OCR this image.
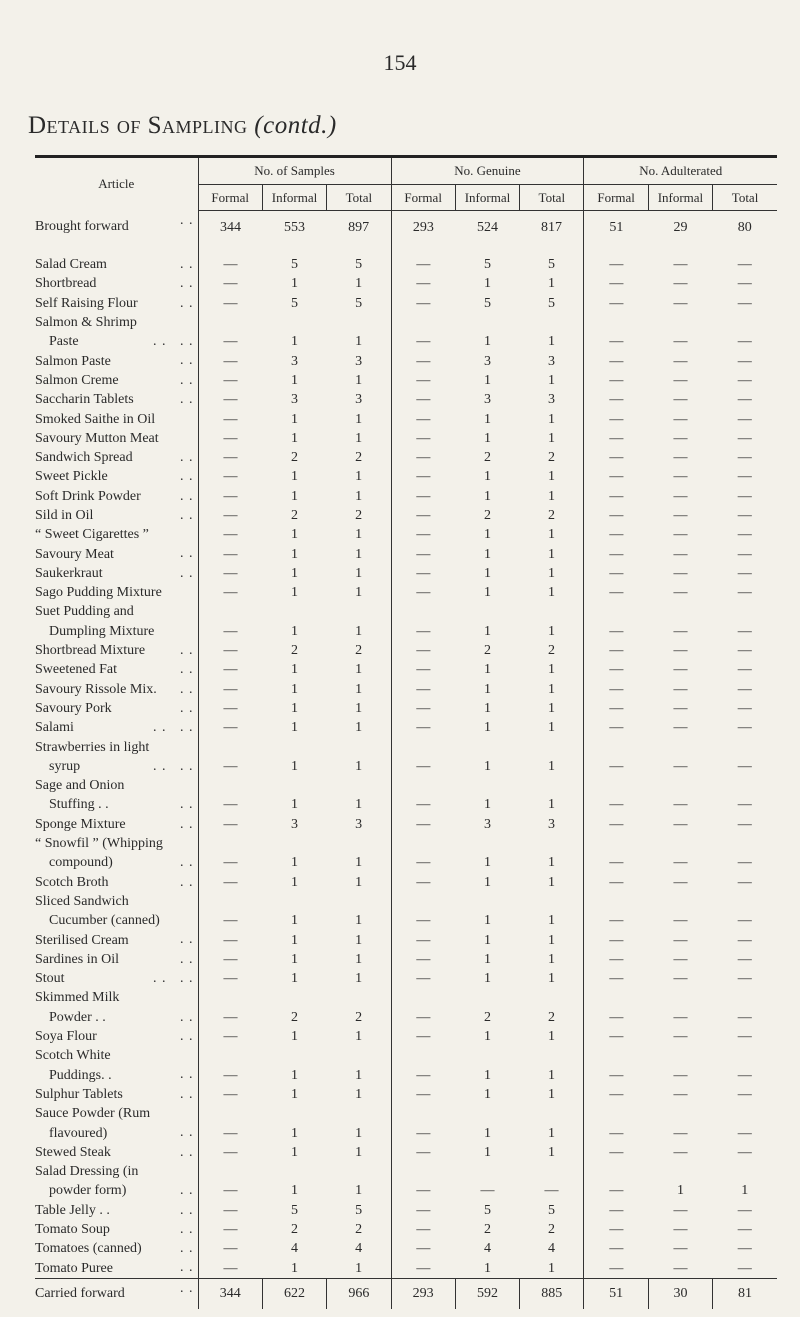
154
Details of Sampling (contd.)
Article	No. of Samples			No. Genuine			No. Adulterated		
	Formal	Informal	Total	Formal	Informal	Total	Formal	Informal	Total
Brought forward . .	344	553	897	293	524	817	51	29	80

Salad Cream . .	—	5	5	—	5	5	—	—	—
Shortbread . .	—	1	1	—	1	1	—	—	—
Self Raising Flour . .	—	5	5	—	5	5	—	—	—
Salmon & Shrimp

Paste . .   . .	—	1	1	—	1	1	—	—	—
Salmon Paste . .	—	3	3	—	3	3	—	—	—
Salmon Creme . .	—	1	1	—	1	1	—	—	—
Saccharin Tablets . .	—	3	3	—	3	3	—	—	—
Smoked Saithe in Oil	—	1	1	—	1	1	—	—	—
Savoury Mutton Meat	—	1	1	—	1	1	—	—	—
Sandwich Spread . .	—	2	2	—	2	2	—	—	—
Sweet Pickle . .	—	1	1	—	1	1	—	—	—
Soft Drink Powder . .	—	1	1	—	1	1	—	—	—
Sild in Oil . .	—	2	2	—	2	2	—	—	—
“ Sweet Cigarettes ”	—	1	1	—	1	1	—	—	—
Savoury Meat . .	—	1	1	—	1	1	—	—	—
Saukerkraut . .	—	1	1	—	1	1	—	—	—
Sago Pudding Mixture	—	1	1	—	1	1	—	—	—
Suet Pudding and

Dumpling Mixture	—	1	1	—	1	1	—	—	—
Shortbread Mixture . .	—	2	2	—	2	2	—	—	—
Sweetened Fat . .	—	1	1	—	1	1	—	—	—
Savoury Rissole Mix. . .	—	1	1	—	1	1	—	—	—
Savoury Pork . .	—	1	1	—	1	1	—	—	—
Salami . .   . .	—	1	1	—	1	1	—	—	—
Strawberries in light

syrup . .   . .	—	1	1	—	1	1	—	—	—
Sage and Onion

Stuffing . . . .	—	1	1	—	1	1	—	—	—
Sponge Mixture . .	—	3	3	—	3	3	—	—	—
“ Snowfil ” (Whipping

compound) . .	—	1	1	—	1	1	—	—	—
Scotch Broth . .	—	1	1	—	1	1	—	—	—
Sliced Sandwich

Cucumber (canned)	—	1	1	—	1	1	—	—	—
Sterilised Cream . .	—	1	1	—	1	1	—	—	—
Sardines in Oil . .	—	1	1	—	1	1	—	—	—
Stout . .   . .	—	1	1	—	1	1	—	—	—
Skimmed Milk

Powder . . . .	—	2	2	—	2	2	—	—	—
Soya Flour . .	—	1	1	—	1	1	—	—	—
Scotch White

Puddings. . . .	—	1	1	—	1	1	—	—	—
Sulphur Tablets . .	—	1	1	—	1	1	—	—	—
Sauce Powder (Rum

flavoured) . .	—	1	1	—	1	1	—	—	—
Stewed Steak . .	—	1	1	—	1	1	—	—	—
Salad Dressing (in

powder form) . .	—	1	1	—	—	—	—	1	1
Table Jelly . . . .	—	5	5	—	5	5	—	—	—
Tomato Soup . .	—	2	2	—	2	2	—	—	—
Tomatoes (canned) . .	—	4	4	—	4	4	—	—	—
Tomato Puree . .	—	1	1	—	1	1	—	—	—
Carried forward . .	344	622	966	293	592	885	51	30	81
